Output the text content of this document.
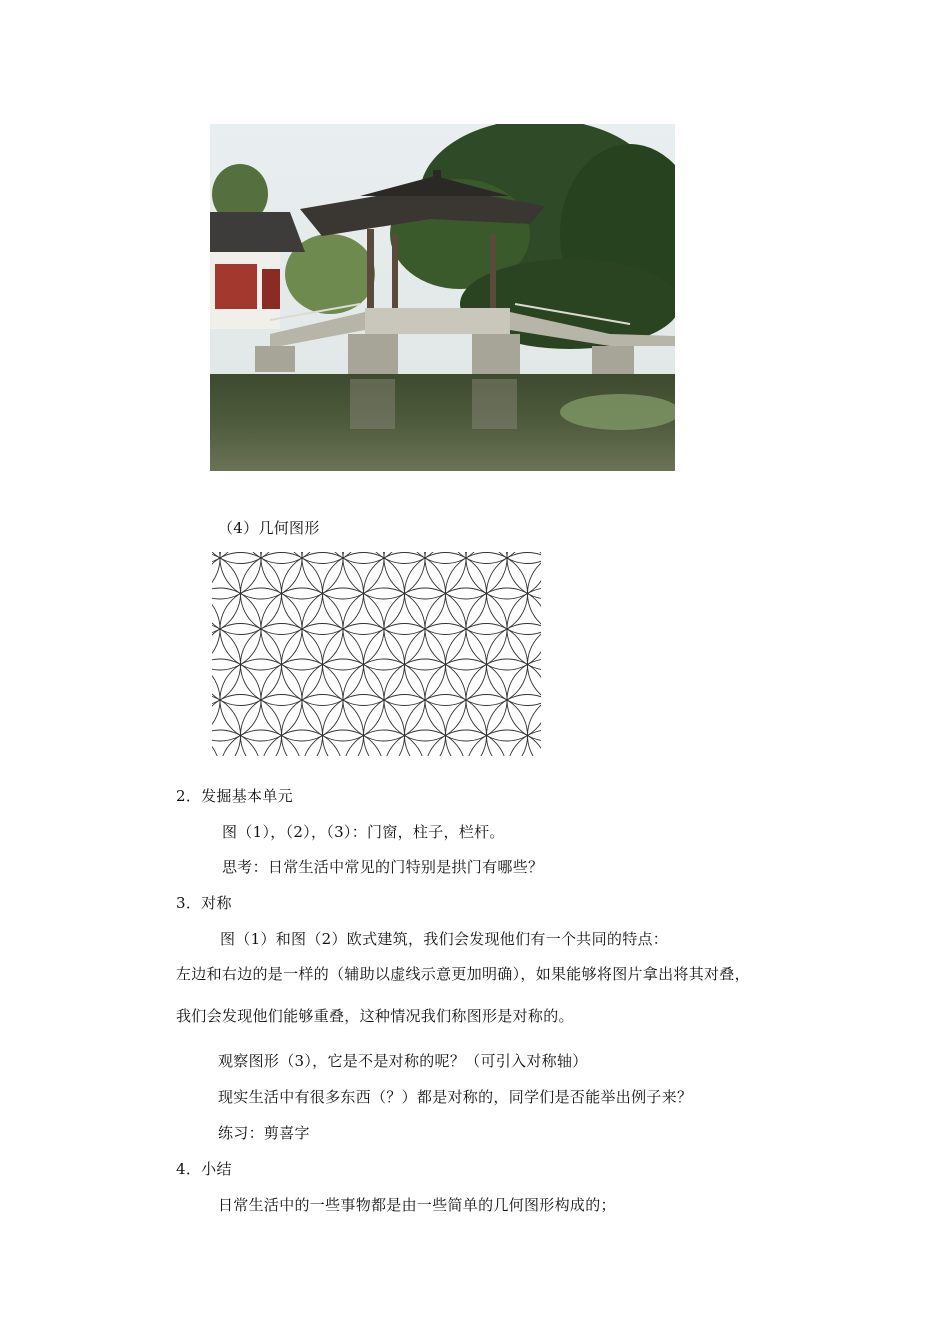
（4）几何图形
2．发掘基本单元
图（1），（2），（3）：门窗，柱子，栏杆。
思考：日常生活中常见的门特别是拱门有哪些？
3．对称
图（1）和图（2）欧式建筑，我们会发现他们有一个共同的特点：
左边和右边的是一样的（辅助以虚线示意更加明确），如果能够将图片拿出将其对叠，
我们会发现他们能够重叠，这种情况我们称图形是对称的。
观察图形（3），它是不是对称的呢？（可引入对称轴）
现实生活中有很多东西（？）都是对称的，同学们是否能举出例子来？
练习：剪喜字
4．小结
日常生活中的一些事物都是由一些简单的几何图形构成的；
